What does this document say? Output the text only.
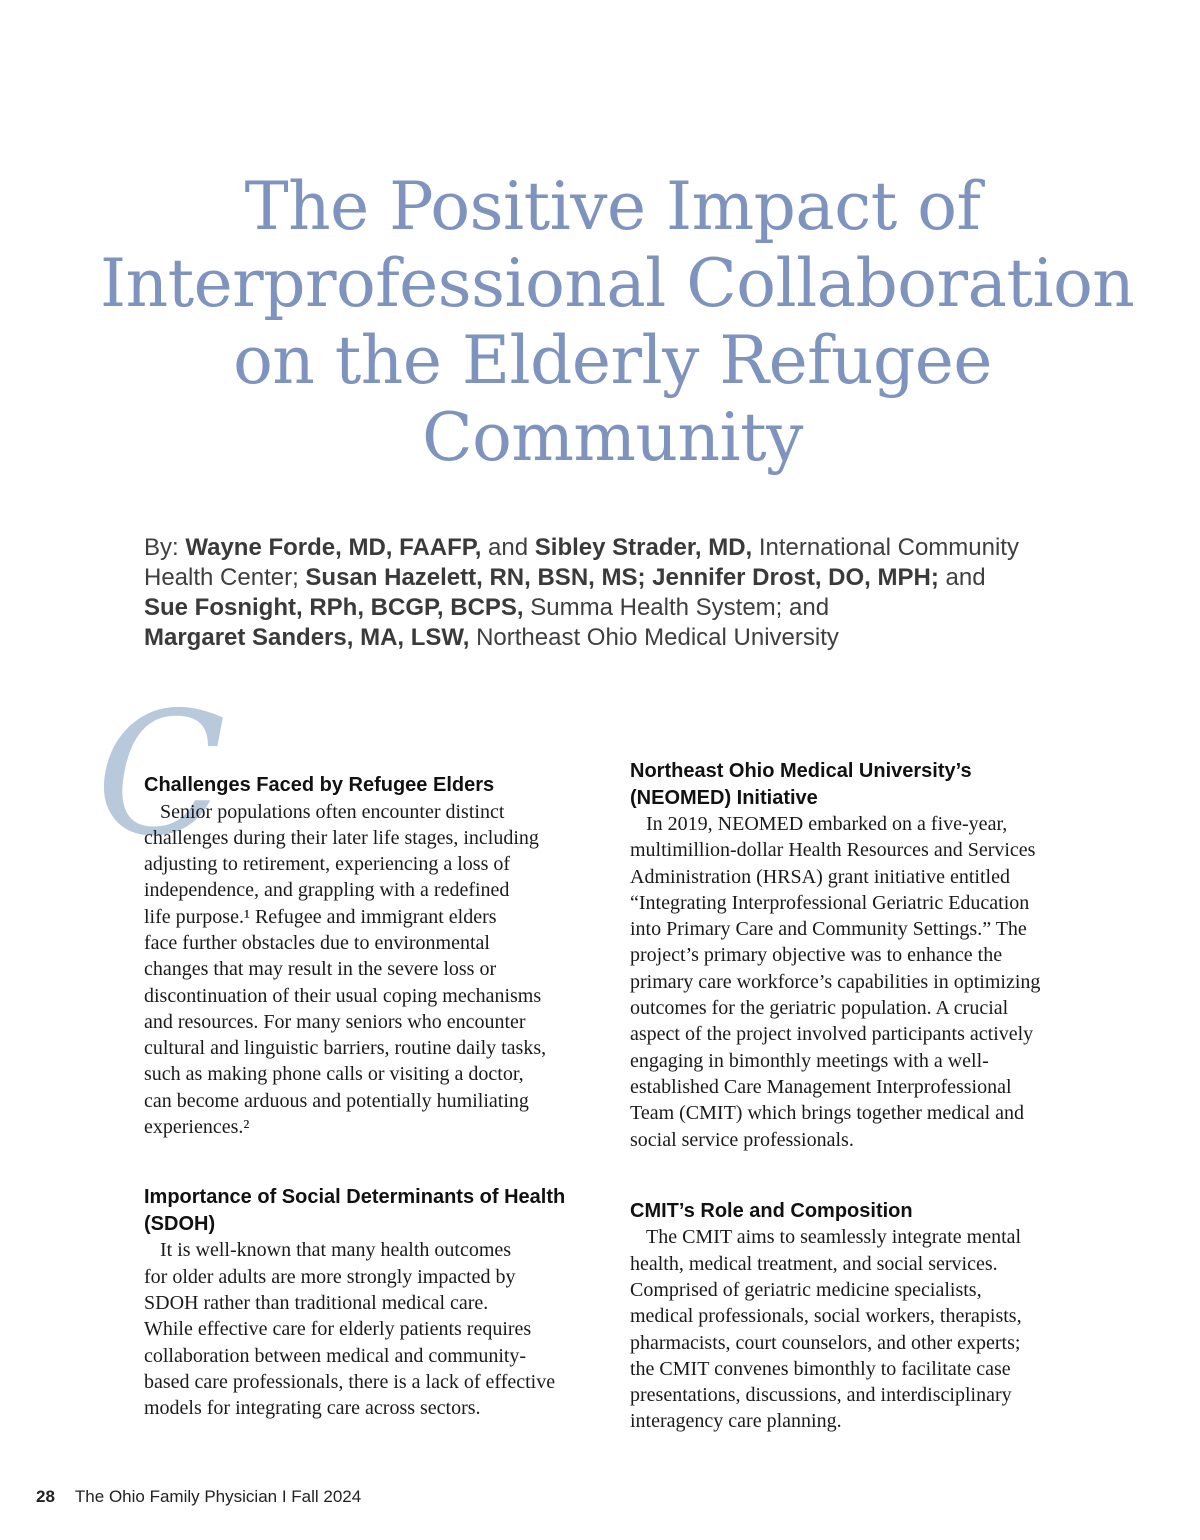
The Positive Impact of
Interprofessional Collaboration
on the Elderly Refugee
Community
By: Wayne Forde, MD, FAAFP, and Sibley Strader, MD, International Community
Health Center; Susan Hazelett, RN, BSN, MS; Jennifer Drost, DO, MPH; and
Sue Fosnight, RPh, BCGP, BCPS, Summa Health System; and
Margaret Sanders, MA, LSW, Northeast Ohio Medical University
C
Challenges Faced by Refugee Elders

Senior populations often encounter distinct
challenges during their later life stages, including
adjusting to retirement, experiencing a loss of
independence, and grappling with a redefined
life purpose.¹ Refugee and immigrant elders
face further obstacles due to environmental
changes that may result in the severe loss or
discontinuation of their usual coping mechanisms
and resources. For many seniors who encounter
cultural and linguistic barriers, routine daily tasks,
such as making phone calls or visiting a doctor,
can become arduous and potentially humiliating
experiences.²

Importance of Social Determinants of Health
(SDOH)

It is well-known that many health outcomes
for older adults are more strongly impacted by
SDOH rather than traditional medical care.
While effective care for elderly patients requires
collaboration between medical and community-
based care professionals, there is a lack of effective
models for integrating care across sectors.

Northeast Ohio Medical University’s
(NEOMED) Initiative

In 2019, NEOMED embarked on a five-year,
multimillion-dollar Health Resources and Services
Administration (HRSA) grant initiative entitled
“Integrating Interprofessional Geriatric Education
into Primary Care and Community Settings.” The
project’s primary objective was to enhance the
primary care workforce’s capabilities in optimizing
outcomes for the geriatric population. A crucial
aspect of the project involved participants actively
engaging in bimonthly meetings with a well-
established Care Management Interprofessional
Team (CMIT) which brings together medical and
social service professionals.

CMIT’s Role and Composition

The CMIT aims to seamlessly integrate mental
health, medical treatment, and social services.
Comprised of geriatric medicine specialists,
medical professionals, social workers, therapists,
pharmacists, court counselors, and other experts;
the CMIT convenes bimonthly to facilitate case
presentations, discussions, and interdisciplinary
interagency care planning.

28 The Ohio Family Physician I Fall 2024
